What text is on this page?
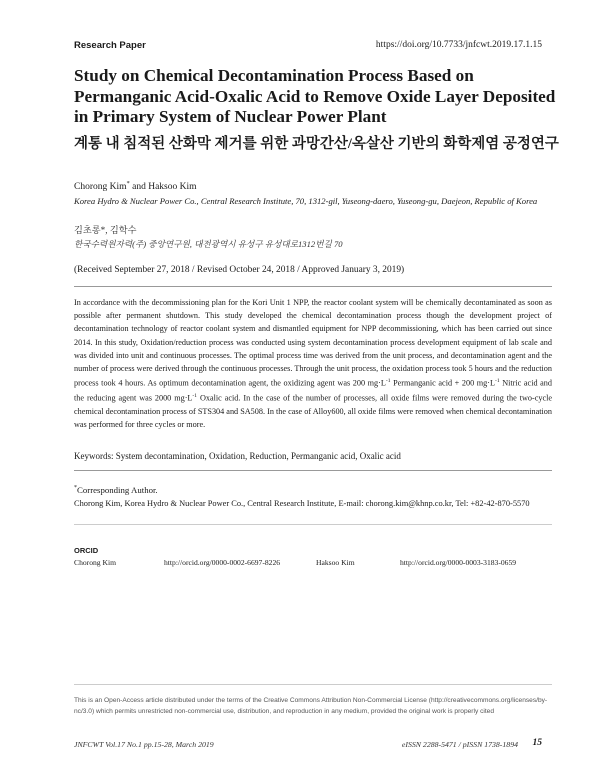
Research Paper	https://doi.org/10.7733/jnfcwt.2019.17.1.15
Study on Chemical Decontamination Process Based on Permanganic Acid-Oxalic Acid to Remove Oxide Layer Deposited in Primary System of Nuclear Power Plant
계통 내 침적된 산화막 제거를 위한 과망간산/옥살산 기반의 화학제염 공정연구
Chorong Kim* and Haksoo Kim
Korea Hydro & Nuclear Power Co., Central Research Institute, 70, 1312-gil, Yuseong-daero, Yuseong-gu, Daejeon, Republic of Korea
김초롱*, 김학수
한국수력원자력(주) 중앙연구원, 대전광역시 유성구 유성대로1312번길 70
(Received September 27, 2018 / Revised October 24, 2018 / Approved January 3, 2019)
In accordance with the decommissioning plan for the Kori Unit 1 NPP, the reactor coolant system will be chemically decontaminated as soon as possible after permanent shutdown. This study developed the chemical decontamination process though the development project of decontamination technology of reactor coolant system and dismantled equipment for NPP decommissioning, which has been carried out since 2014. In this study, Oxidation/reduction process was conducted using system decontamination process development equipment of lab scale and was divided into unit and continuous processes. The optimal process time was derived from the unit process, and decontamination agent and the number of process were derived through the continuous processes. Through the unit process, the oxidation process took 5 hours and the reduction process took 4 hours. As optimum decontamination agent, the oxidizing agent was 200 $mg\cdot L^{-1}$ Permanganic acid + 200 $mg\cdot L^{-1}$ Nitric acid and the reducing agent was 2000 $mg\cdot L^{-1}$ Oxalic acid. In the case of the number of processes, all oxide films were removed during the two-cycle chemical decontamination process of STS304 and SA508. In the case of Alloy600, all oxide films were removed when chemical decontamination was performed for three cycles or more.
Keywords: System decontamination, Oxidation, Reduction, Permanganic acid, Oxalic acid
*Corresponding Author.
Chorong Kim, Korea Hydro & Nuclear Power Co., Central Research Institute, E-mail: chorong.kim@khnp.co.kr, Tel: +82-42-870-5570
ORCID
Chorong Kim	http://orcid.org/0000-0002-6697-8226	Haksoo Kim	http://orcid.org/0000-0003-3183-0659
This is an Open-Access article distributed under the terms of the Creative Commons Attribution Non-Commercial License (http://creativecommons.org/licenses/by-nc/3.0) which permits unrestricted non-commercial use, distribution, and reproduction in any medium, provided the original work is properly cited
JNFCWT Vol.17 No.1 pp.15-28, March 2019	eISSN 2288-5471 / pISSN 1738-1894 15
